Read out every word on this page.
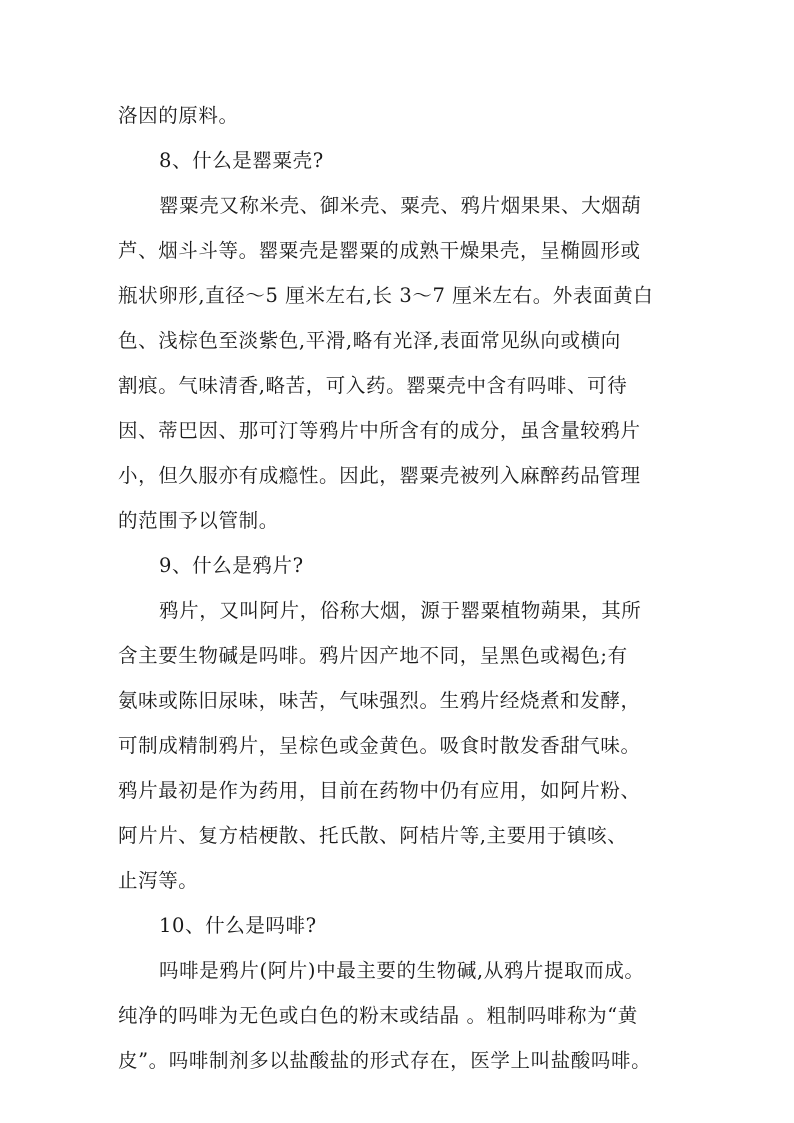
洛因的原料。
8、什么是罂粟壳?
罂粟壳又称米壳、御米壳、粟壳、鸦片烟果果、大烟葫
芦、烟斗斗等。罂粟壳是罂粟的成熟干燥果壳，呈椭圆形或
瓶状卵形,直径～5 厘米左右,长 3～7 厘米左右。外表面黄白
色、浅棕色至淡紫色,平滑,略有光泽,表面常见纵向或横向
割痕。气味清香,略苦，可入药。罂粟壳中含有吗啡、可待
因、蒂巴因、那可汀等鸦片中所含有的成分，虽含量较鸦片
小，但久服亦有成瘾性。因此，罂粟壳被列入麻醉药品管理
的范围予以管制。
9、什么是鸦片?
鸦片，又叫阿片，俗称大烟，源于罂粟植物蒴果，其所
含主要生物碱是吗啡。鸦片因产地不同，呈黑色或褐色;有
氨味或陈旧尿味，味苦，气味强烈。生鸦片经烧煮和发酵，
可制成精制鸦片，呈棕色或金黄色。吸食时散发香甜气味。
鸦片最初是作为药用，目前在药物中仍有应用，如阿片粉、
阿片片、复方桔梗散、托氏散、阿桔片等,主要用于镇咳、
止泻等。
10、什么是吗啡?
吗啡是鸦片(阿片)中最主要的生物碱,从鸦片提取而成。
纯净的吗啡为无色或白色的粉末或结晶 。粗制吗啡称为“黄
皮”。吗啡制剂多以盐酸盐的形式存在，医学上叫盐酸吗啡。
